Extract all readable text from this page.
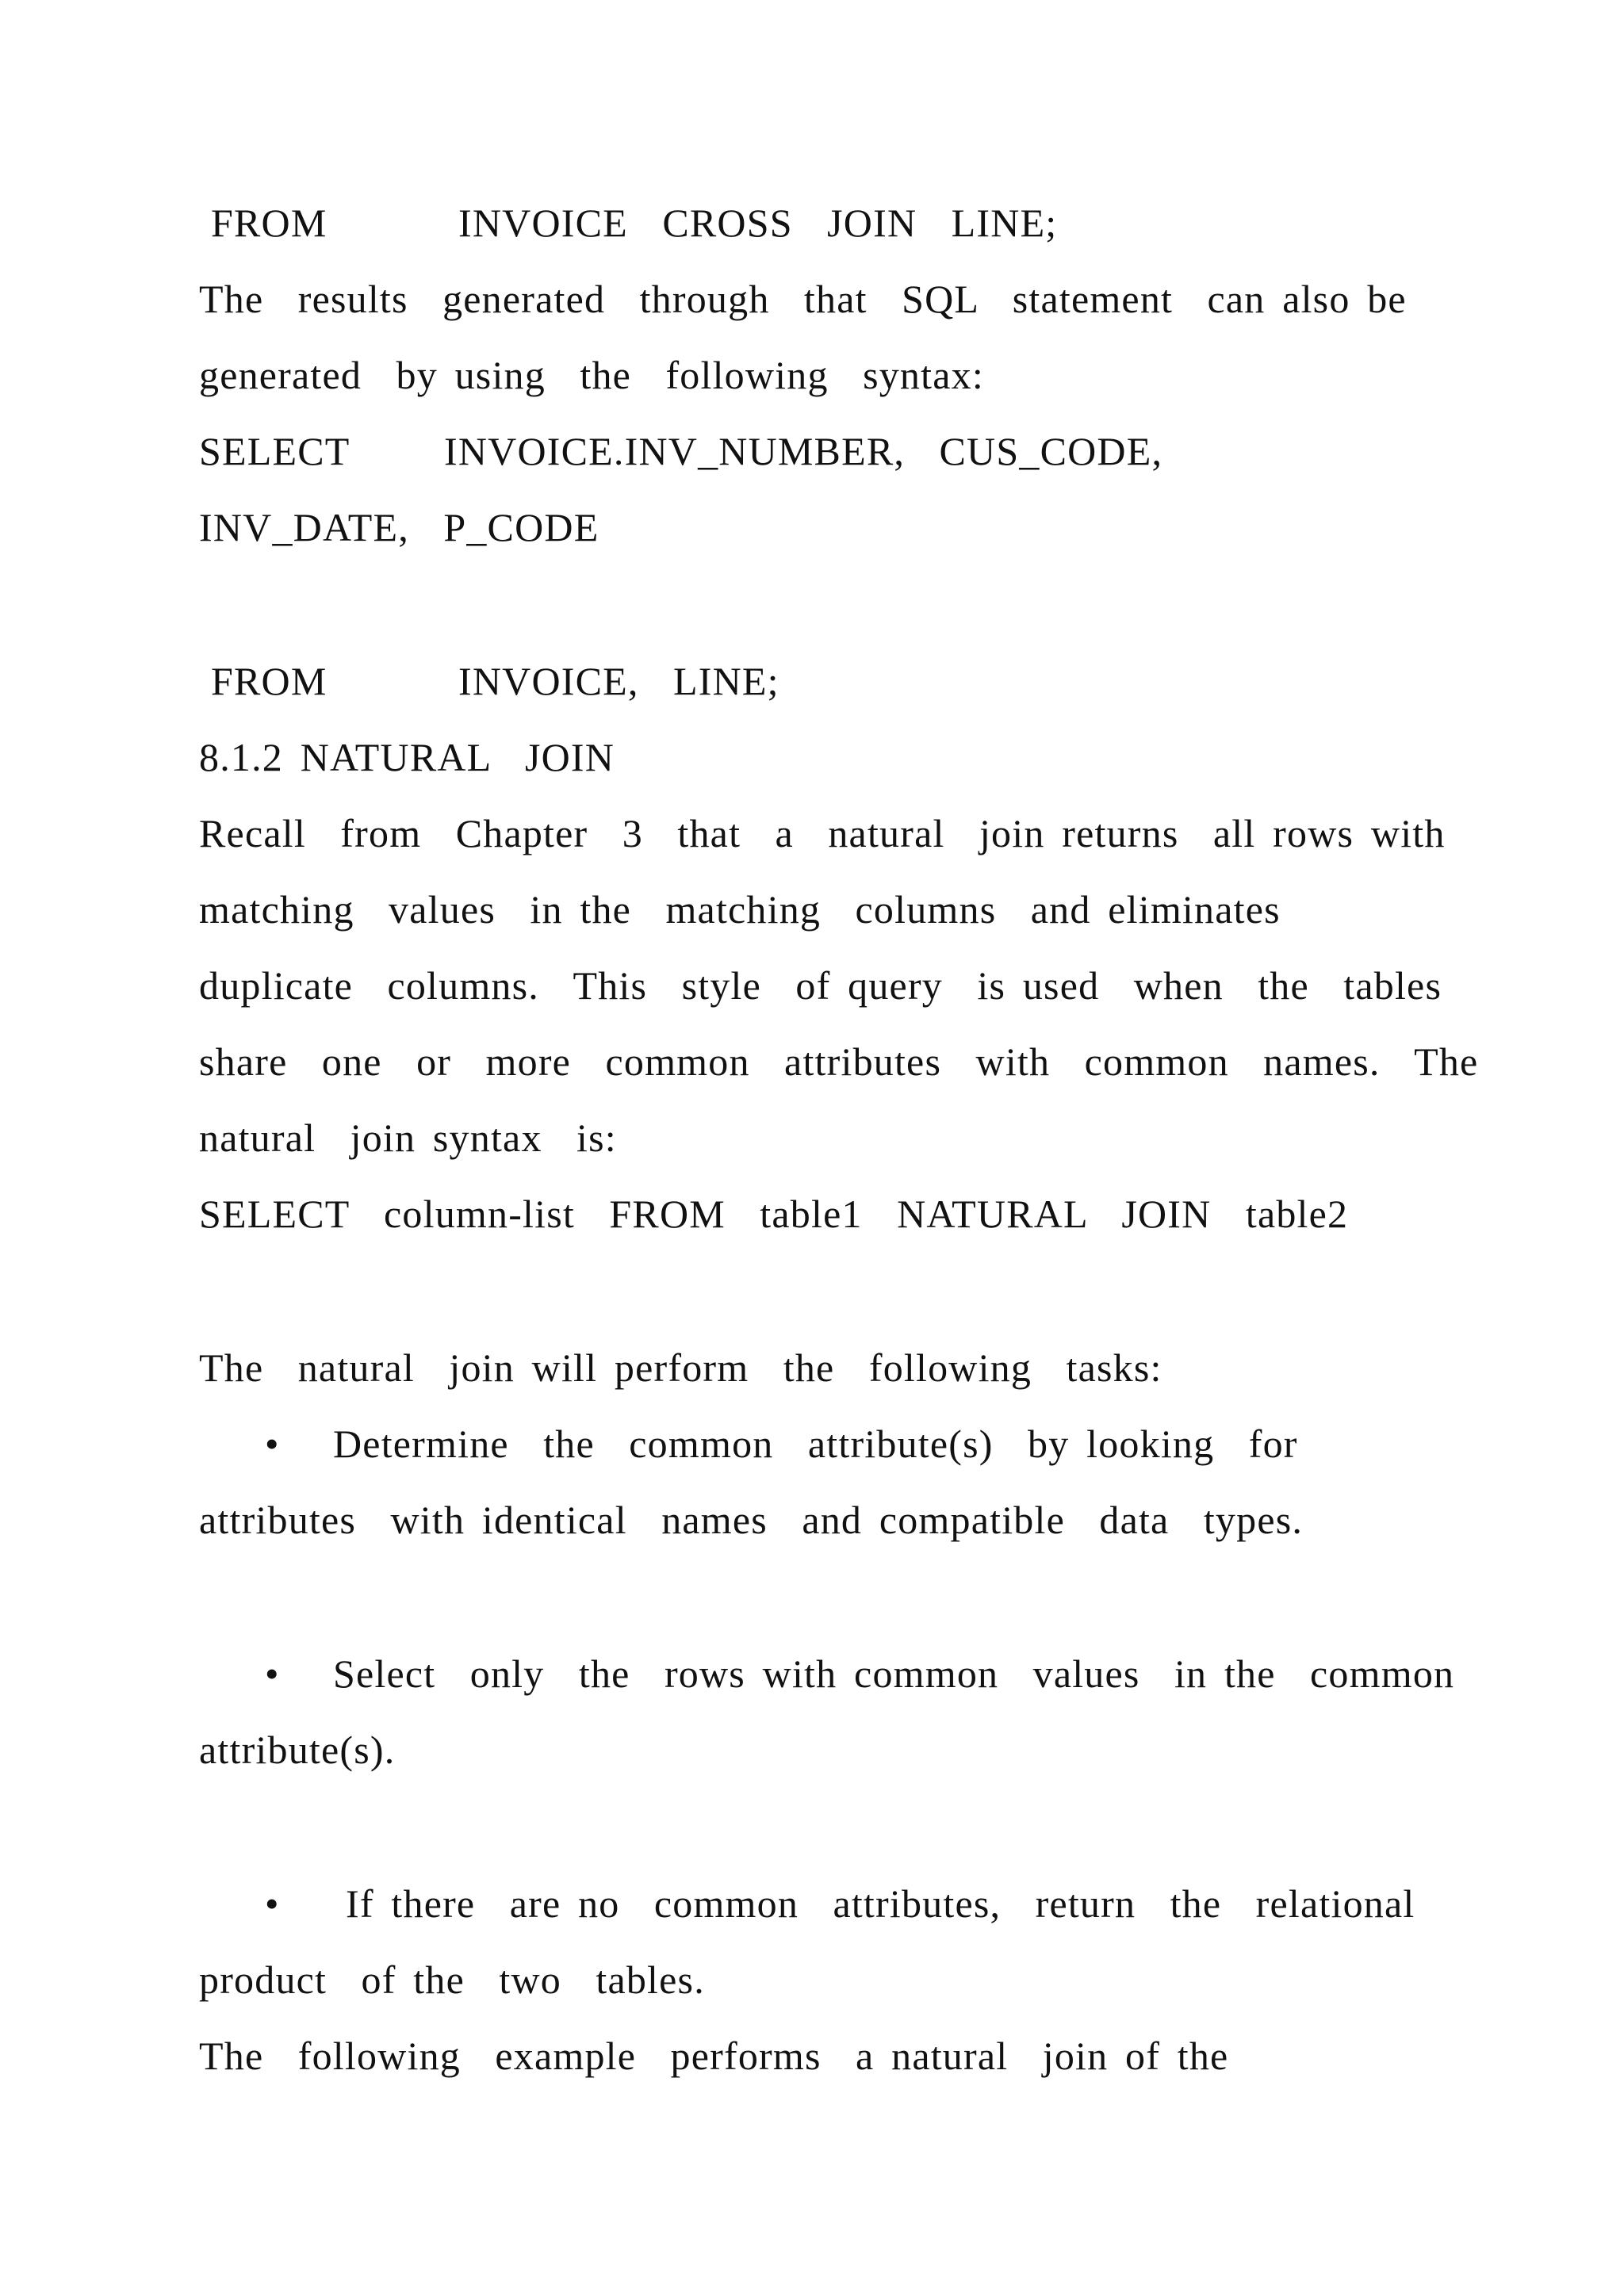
FROM	INVOICE  CROSS  JOIN  LINE;
The  results  generated  through  that  SQL  statement  can also be
generated  by using  the  following  syntax:
SELECT INVOICE.INV_NUMBER,  CUS_CODE,
INV_DATE,  P_CODE
FROM	INVOICE,  LINE;
8.1.2 NATURAL  JOIN
Recall  from  Chapter  3  that  a  natural  join returns  all rows with
matching  values  in the  matching  columns  and eliminates
duplicate  columns.  This  style  of query  is used  when  the  tables
share  one  or  more  common  attributes  with  common  names.  The
natural  join syntax  is:
SELECT  column-list  FROM  table1  NATURAL  JOIN  table2
The  natural  join will perform  the  following  tasks:
• Determine  the  common  attribute(s)  by looking  for
attributes  with identical  names  and compatible  data  types.
• Select  only  the  rows with common  values  in the  common
attribute(s).
• If there  are no  common  attributes,  return  the  relational
product  of the  two  tables.
The  following  example  performs  a natural  join of the
